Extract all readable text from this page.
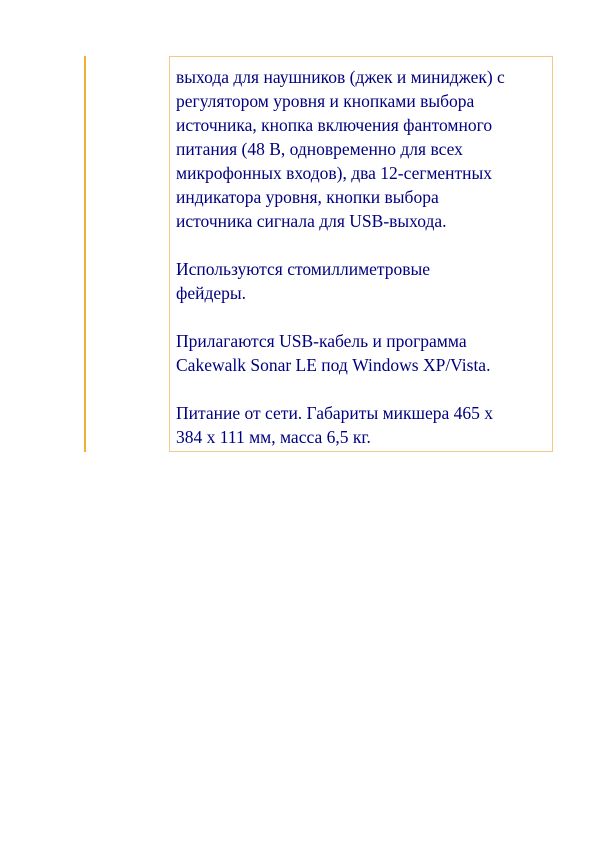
выхода для наушников (джек и миниджек) с
регулятором уровня и кнопками выбора
источника, кнопка включения фантомного
питания (48 В, одновременно для всех
микрофонных входов), два 12-сегментных
индикатора уровня, кнопки выбора
источника сигнала для USB-выхода.

Используются стомиллиметровые
фейдеры.

Прилагаются USB-кабель и программа
Cakewalk Sonar LE под Windows XP/Vista.

Питание от сети. Габариты микшера 465 х
384 х 111 мм, масса 6,5 кг.
